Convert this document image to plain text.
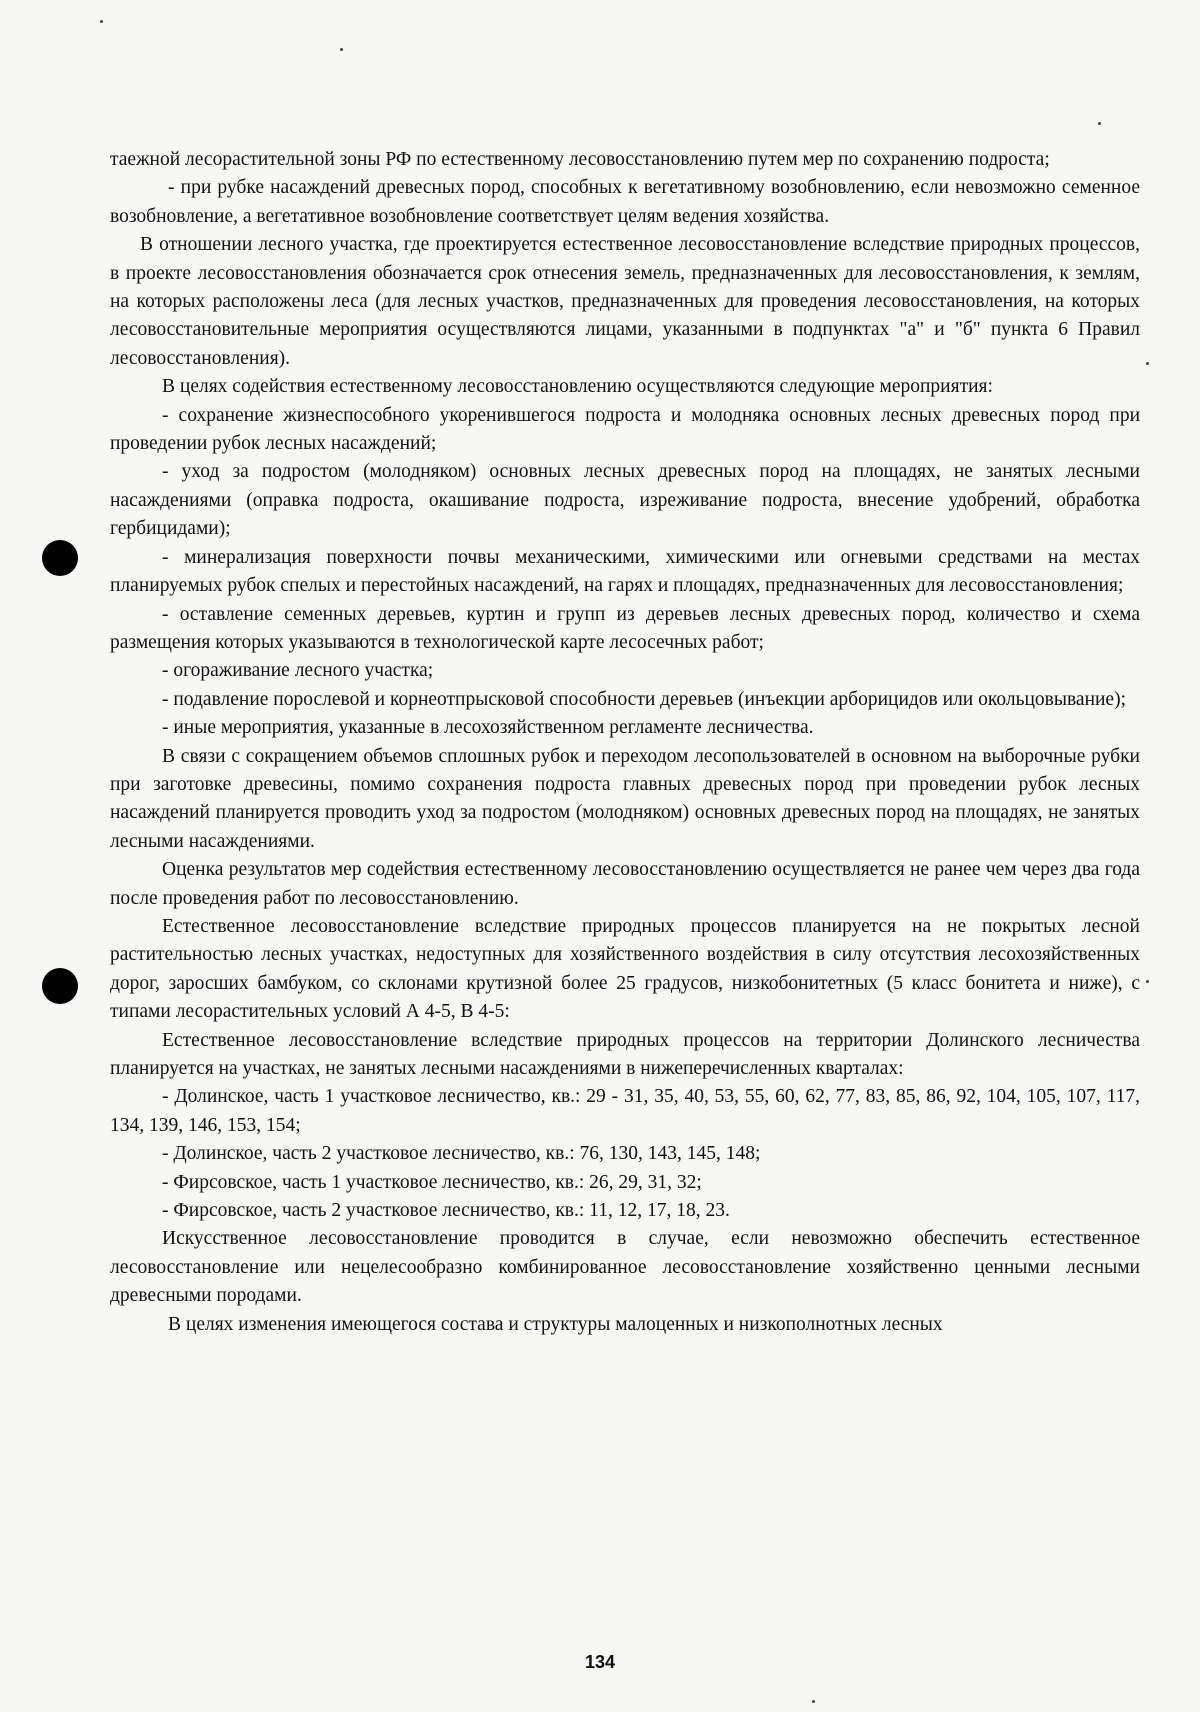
таежной лесорастительной зоны РФ по естественному лесовосстановлению путем мер по сохранению подроста;

- при рубке насаждений древесных пород, способных к вегетативному возобновлению, если невозможно семенное возобновление, а вегетативное возобновление соответствует целям ведения хозяйства.

В отношении лесного участка, где проектируется естественное лесовосстановление вследствие природных процессов, в проекте лесовосстановления обозначается срок отнесения земель, предназначенных для лесовосстановления, к землям, на которых расположены леса (для лесных участков, предназначенных для проведения лесовосстановления, на которых лесовосстановительные мероприятия осуществляются лицами, указанными в подпунктах "а" и "б" пункта 6 Правил лесовосстановления).

В целях содействия естественному лесовосстановлению осуществляются следующие мероприятия:

- сохранение жизнеспособного укоренившегося подроста и молодняка основных лесных древесных пород при проведении рубок лесных насаждений;

- уход за подростом (молодняком) основных лесных древесных пород на площадях, не занятых лесными насаждениями (оправка подроста, окашивание подроста, изреживание подроста, внесение удобрений, обработка гербицидами);

- минерализация поверхности почвы механическими, химическими или огневыми средствами на местах планируемых рубок спелых и перестойных насаждений, на гарях и площадях, предназначенных для лесовосстановления;

- оставление семенных деревьев, куртин и групп из деревьев лесных древесных пород, количество и схема размещения которых указываются в технологической карте лесосечных работ;

- огораживание лесного участка;

- подавление порослевой и корнеотпрысковой способности деревьев (инъекции арборицидов или окольцовывание);

- иные мероприятия, указанные в лесохозяйственном регламенте лесничества.

В связи с сокращением объемов сплошных рубок и переходом лесопользователей в основном на выборочные рубки при заготовке древесины, помимо сохранения подроста главных древесных пород при проведении рубок лесных насаждений планируется проводить уход за подростом (молодняком) основных древесных пород на площадях, не занятых лесными насаждениями.

Оценка результатов мер содействия естественному лесовосстановлению осуществляется не ранее чем через два года после проведения работ по лесовосстановлению.

Естественное лесовосстановление вследствие природных процессов планируется на не покрытых лесной растительностью лесных участках, недоступных для хозяйственного воздействия в силу отсутствия лесохозяйственных дорог, заросших бамбуком, со склонами крутизной более 25 градусов, низкобонитетных (5 класс бонитета и ниже), с типами лесорастительных условий А 4-5, В 4-5:

Естественное лесовосстановление вследствие природных процессов на территории Долинского лесничества планируется на участках, не занятых лесными насаждениями в нижеперечисленных кварталах:

- Долинское, часть 1 участковое лесничество, кв.: 29 - 31, 35, 40, 53, 55, 60, 62, 77, 83, 85, 86, 92, 104, 105, 107, 117, 134, 139, 146, 153, 154;

- Долинское, часть 2 участковое лесничество, кв.: 76, 130, 143, 145, 148;

- Фирсовское, часть 1 участковое лесничество, кв.: 26, 29, 31, 32;

- Фирсовское, часть 2 участковое лесничество, кв.: 11, 12, 17, 18, 23.

Искусственное лесовосстановление проводится в случае, если невозможно обеспечить естественное лесовосстановление или нецелесообразно комбинированное лесовосстановление хозяйственно ценными лесными древесными породами.

В целях изменения имеющегося состава и структуры малоценных и низкополнотных лесных

134
